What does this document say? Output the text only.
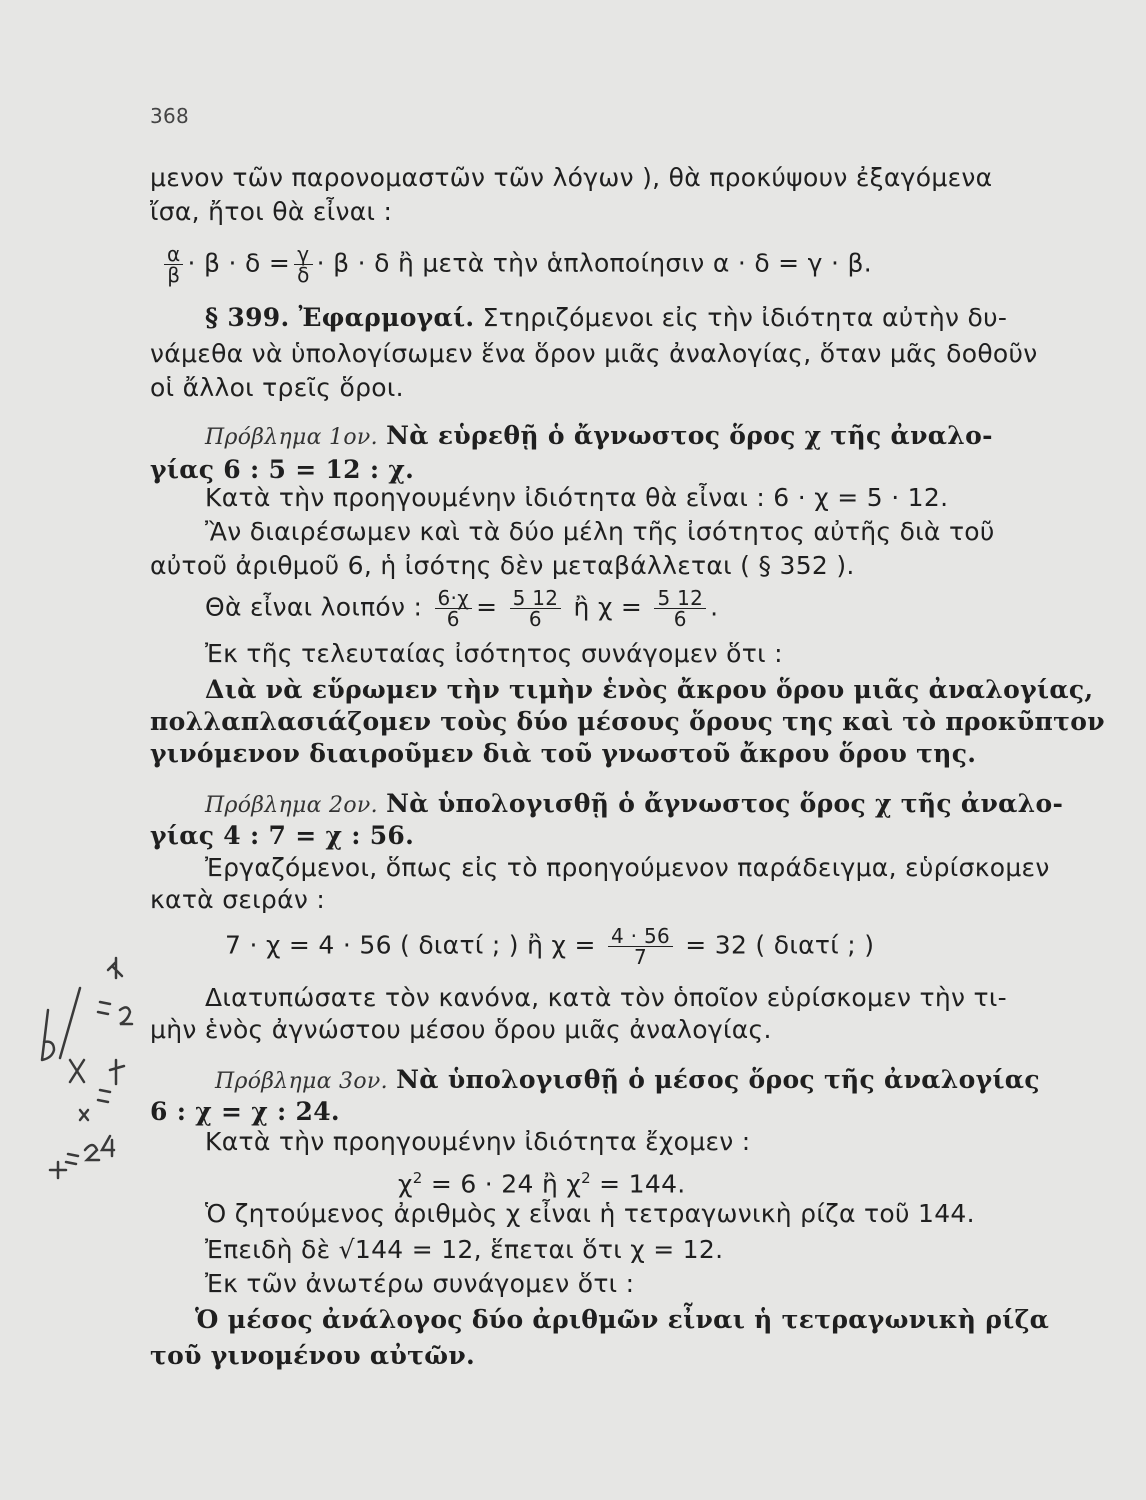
368
μενον τῶν παρονομαστῶν τῶν λόγων ), θὰ προκύψουν ἐξαγόμενα
ἴσα, ἤτοι θὰ εἶναι :
$\frac{\alpha}{\beta} \cdot \beta \cdot \delta = \frac{\gamma}{\delta} \cdot \beta \cdot \delta$ ἢ μετὰ τὴν ἁπλοποίησιν α · δ = γ · β.
§ 399. Ἐφαρμογαί. Στηριζόμενοι εἰς τὴν ἰδιότητα αὐτὴν δυ-
νάμεθα νὰ ὑπολογίσωμεν ἕνα ὅρον μιᾶς ἀναλογίας, ὅταν μᾶς δοθοῦν
οἱ ἄλλοι τρεῖς ὅροι.
Πρόβλημα 1ον. Νὰ εὑρεθῇ ὁ ἄγνωστος ὅρος χ τῆς ἀναλο-
γίας 6 : 5 = 12 : χ.
Κατὰ τὴν προηγουμένην ἰδιότητα θὰ εἶναι : 6 · χ = 5 · 12.
Ἂν διαιρέσωμεν καὶ τὰ δύο μέλη τῆς ἰσότητος αὐτῆς διὰ τοῦ
αὐτοῦ ἀριθμοῦ 6, ἡ ἰσότης δὲν μεταβάλλεται ( § 352 ).
Θὰ εἶναι λοιπόν : $\frac{6\cdot\chi}{6} = \frac{5 12}{6}$ ἢ $\chi = \frac{5 12}{6}$ .
Ἐκ τῆς τελευταίας ἰσότητος συνάγομεν ὅτι :
Διὰ νὰ εὕρωμεν τὴν τιμὴν ἑνὸς ἄκρου ὅρου μιᾶς ἀναλογίας,
πολλαπλασιάζομεν τοὺς δύο μέσους ὅρους της καὶ τὸ προκῦπτον
γινόμενον διαιροῦμεν διὰ τοῦ γνωστοῦ ἄκρου ὅρου της.
Πρόβλημα 2ον. Νὰ ὑπολογισθῇ ὁ ἄγνωστος ὅρος χ τῆς ἀναλο-
γίας 4 : 7 = χ : 56.
Ἐργαζόμενοι, ὅπως εἰς τὸ προηγούμενον παράδειγμα, εὑρίσκομεν
κατὰ σειράν :
7 · χ = 4 · 56 ( διατί ; ) ἢ $\chi = \frac{4 \cdot 56}{7} = 32$ ( διατί ; )
Διατυπώσατε τὸν κανόνα, κατὰ τὸν ὁποῖον εὑρίσκομεν τὴν τι-
μὴν ἑνὸς ἀγνώστου μέσου ὅρου μιᾶς ἀναλογίας.
Πρόβλημα 3ον. Νὰ ὑπολογισθῇ ὁ μέσος ὅρος τῆς ἀναλογίας
6 : χ = χ : 24.
Κατὰ τὴν προηγουμένην ἰδιότητα ἔχομεν :
$\chi^2 = 6 \cdot 24$ ἢ $\chi^2 = 144$.
Ὁ ζητούμενος ἀριθμὸς χ εἶναι ἡ τετραγωνικὴ ρίζα τοῦ 144.
Ἐπειδὴ δὲ √144 = 12, ἕπεται ὅτι χ = 12.
Ἐκ τῶν ἀνωτέρω συνάγομεν ὅτι :
Ὁ μέσος ἀνάλογος δύο ἀριθμῶν εἶναι ἡ τετραγωνικὴ ρίζα
τοῦ γινομένου αὐτῶν.
